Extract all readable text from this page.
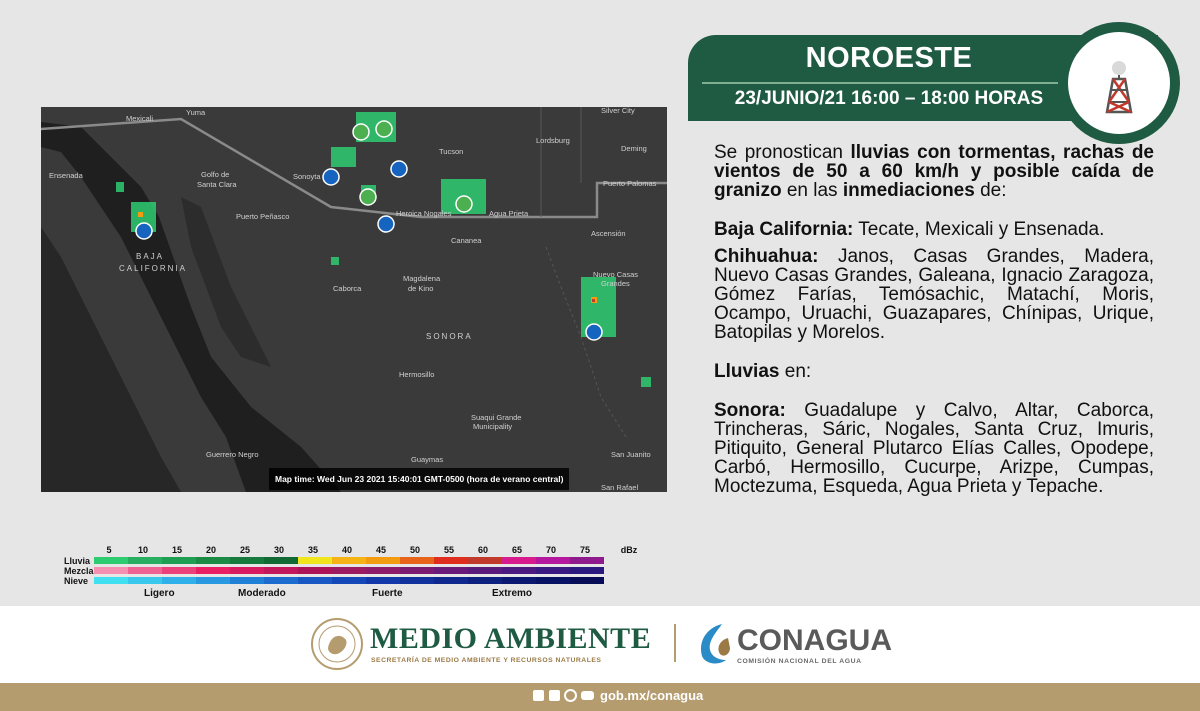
NOROESTE
23/JUNIO/21 16:00 – 18:00 HORAS
Mexicali
Yuma	Silver City
Tucson
Lordsburg
Deming
Ensenada	Golfo de
Santa Clara
Sonoyta
Puerto Palomas
Heroica Nogales	Agua Prieta
Puerto Peñasco
Ascensión
Cananea
BAJA
CALIFORNIA
Caborca
Magdalena
de Kino
Nuevo Casas
Grandes
SONORA
Hermosillo
Suaqui Grande
Municipality
Guerrero Negro
Guaymas
San Juanito
San Rafael
Map time: Wed Jun 23 2021 15:40:01 GMT-0500 (hora de verano central)

Se pronostican lluvias con tormentas, rachas de vientos de 50 a 60 km/h y posible caída de granizo en las inmediaciones de:

Baja California: Tecate, Mexicali y Ensenada.

Chihuahua: Janos, Casas Grandes, Madera, Nuevo Casas Grandes, Galeana, Ignacio Zaragoza, Gómez Farías, Temósachic, Matachí, Moris, Ocampo, Uruachi, Guazapares, Chínipas, Urique, Batopilas y Morelos.

Lluvias en:

Sonora: Guadalupe y Calvo, Altar, Caborca, Trincheras, Sáric, Nogales, Santa Cruz, Imuris, Pitiquito, General Plutarco Elías Calles, Opodepe, Carbó, Hermosillo, Cucurpe, Arizpe, Cumpas, Moctezuma, Esqueda, Agua Prieta y Tepache.

Lluvia
Mezcla
Nieve
5	10	15	20	25	30	35	40	45	50	55	60	65	70	75	dBz
Ligero	Moderado	Fuerte	Extremo
MEDIO AMBIENTE
SECRETARÍA DE MEDIO AMBIENTE Y RECURSOS NATURALES
CONAGUA
COMISIÓN NACIONAL DEL AGUA
gob.mx/conagua
